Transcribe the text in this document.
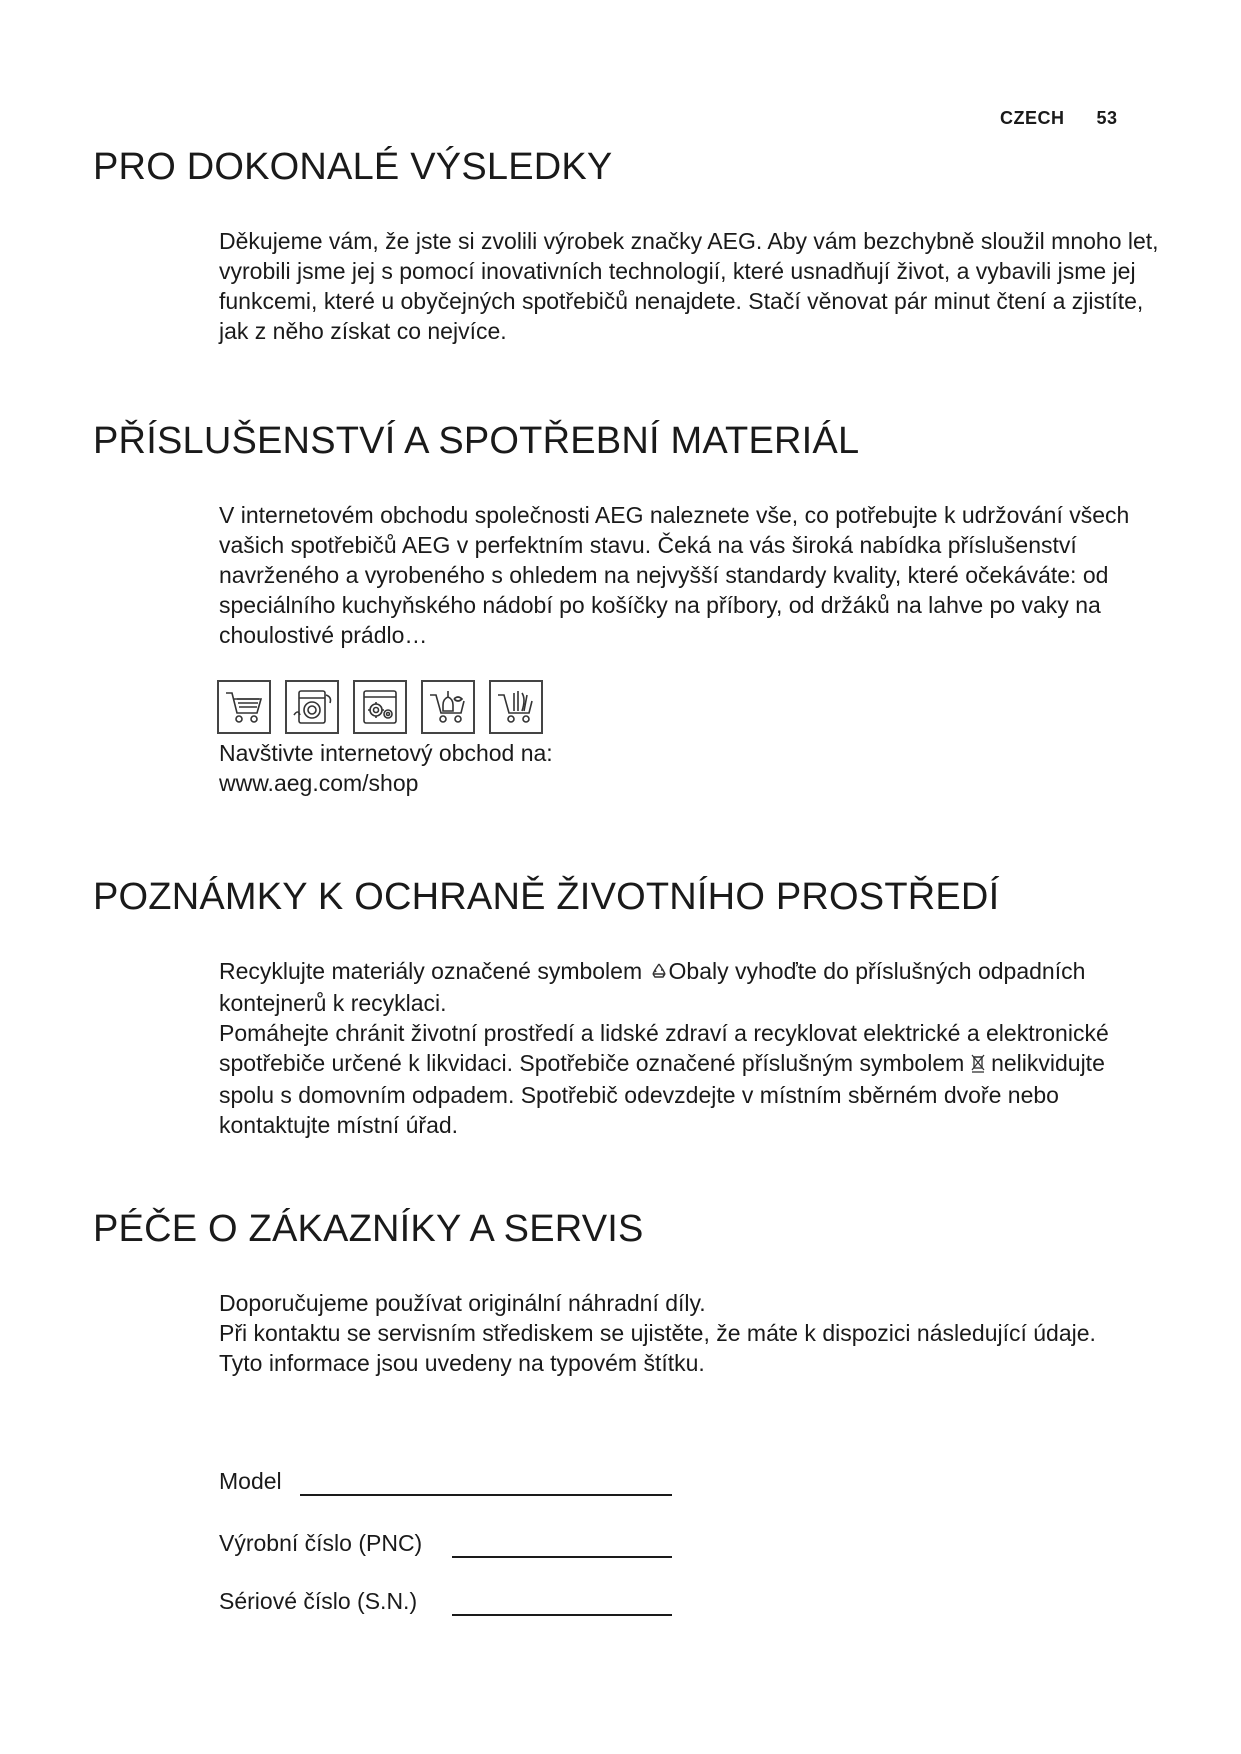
CZECH 53
PRO DOKONALÉ VÝSLEDKY

Děkujeme vám, že jste si zvolili výrobek značky AEG. Aby vám bezchybně sloužil mnoho let, vyrobili jsme jej s pomocí inovativních technologií, které usnadňují život, a vybavili jsme jej funkcemi, které u obyčejných spotřebičů nenajdete. Stačí věnovat pár minut čtení a zjistíte, jak z něho získat co nejvíce.

PŘÍSLUŠENSTVÍ A SPOTŘEBNÍ MATERIÁL

V internetovém obchodu společnosti AEG naleznete vše, co potřebujte k udržování všech vašich spotřebičů AEG v perfektním stavu. Čeká na vás široká nabídka příslušenství navrženého a vyrobeného s ohledem na nejvyšší standardy kvality, které očekáváte: od speciálního kuchyňského nádobí po košíčky na příbory, od držáků na lahve po vaky na choulostivé prádlo…

Navštivte internetový obchod na:

www.aeg.com/shop

POZNÁMKY K OCHRANĚ ŽIVOTNÍHO PROSTŘEDÍ

Recyklujte materiály označené symbolem Obaly vyhoďte do příslušných odpadních kontejnerů k recyklaci.

Pomáhejte chránit životní prostředí a lidské zdraví a recyklovat elektrické a elektronické spotřebiče určené k likvidaci. Spotřebiče označené příslušným symbolem  nelikvidujte spolu s domovním odpadem. Spotřebič odevzdejte v místním sběrném dvoře nebo kontaktujte místní úřad.

PÉČE O ZÁKAZNÍKY A SERVIS

Doporučujeme používat originální náhradní díly.

Při kontaktu se servisním střediskem se ujistěte, že máte k dispozici následující údaje.

Tyto informace jsou uvedeny na typovém štítku.

Model
Výrobní číslo (PNC)
Sériové číslo (S.N.)
